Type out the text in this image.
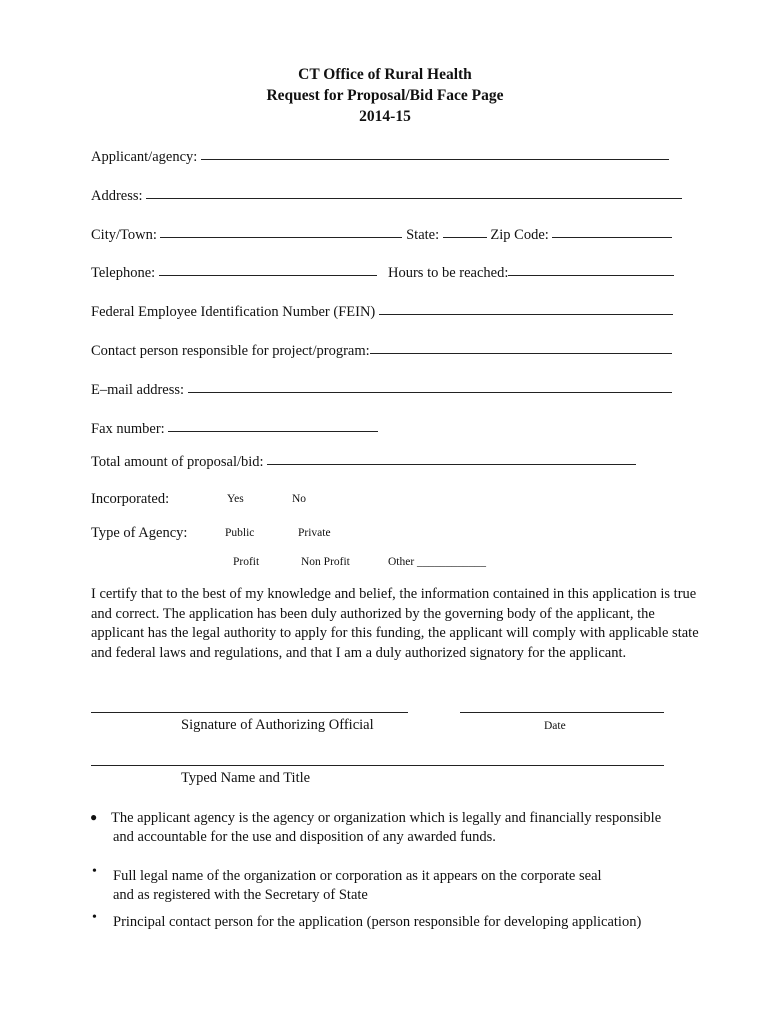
CT Office of Rural Health
Request for Proposal/Bid Face Page
2014-15
Applicant/agency:
Address:
City/Town:	State:	Zip Code:
Telephone:	Hours to be reached:
Federal Employee Identification Number (FEIN)
Contact person responsible for project/program:
E–mail address:
Fax number:
Total amount of proposal/bid:
Incorporated:	Yes	No
Type of Agency:	Public	Private
Profit	Non Profit	Other ____________
I certify that to the best of my knowledge and belief, the information contained in this application is true and correct. The application has been duly authorized by the governing body of the applicant, the applicant has the legal authority to apply for this funding, the applicant will comply with applicable state and federal laws and regulations, and that I am a duly authorized signatory for the applicant.
Signature of Authorizing Official	Date
Typed Name and Title
● The applicant agency is the agency or organization which is legally and financially responsible
and accountable for the use and disposition of any awarded funds.
• Full legal name of the organization or corporation as it appears on the corporate seal
and as registered with the Secretary of State
• Principal contact person for the application (person responsible for developing application)
